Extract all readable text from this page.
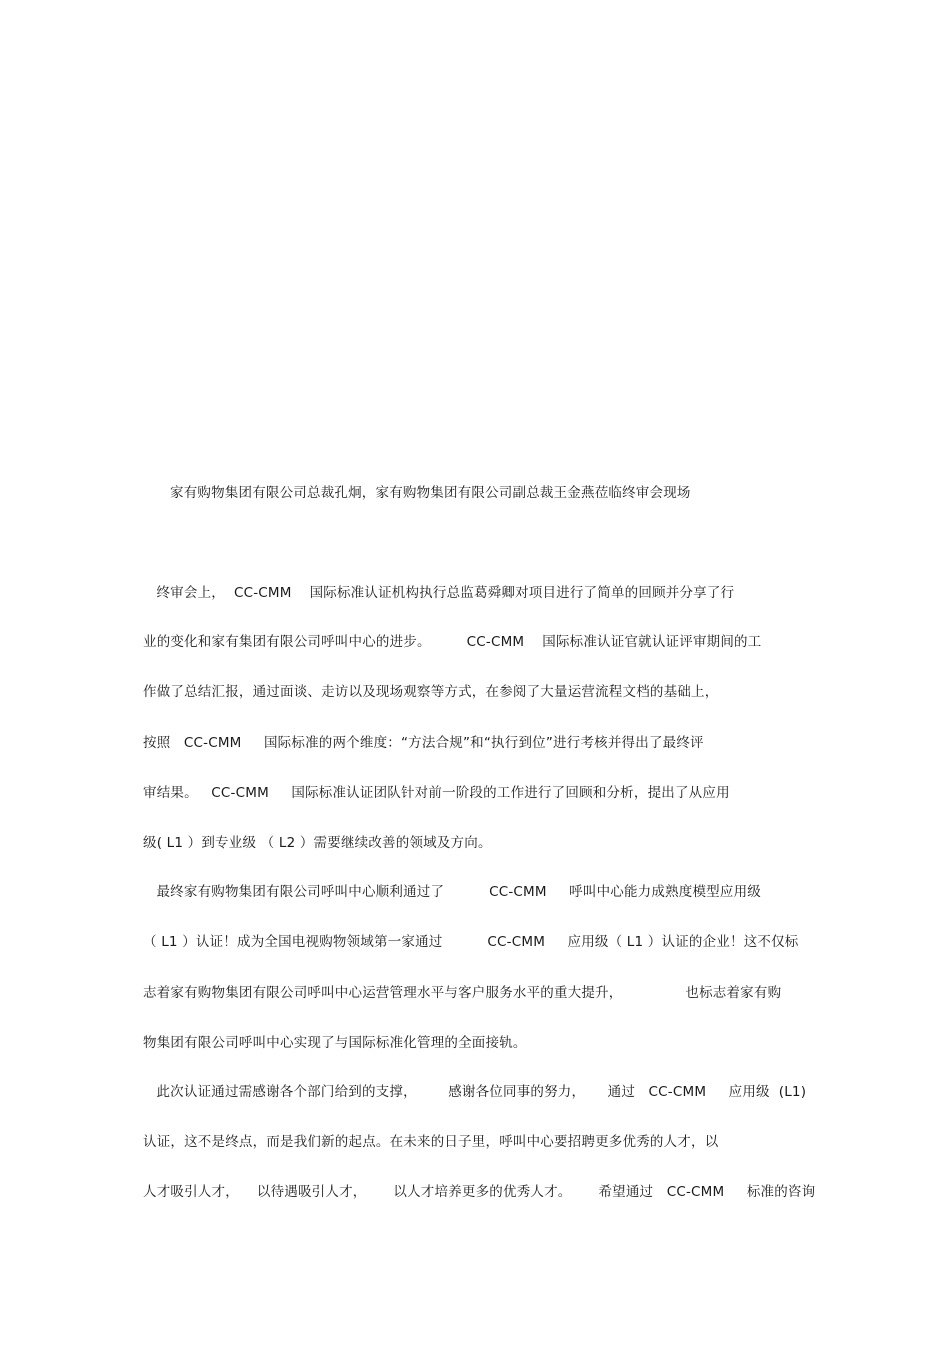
家有购物集团有限公司总裁孔炯，家有购物集团有限公司副总裁王金燕莅临终审会现场
终审会上，  CC-CMM    国际标准认证机构执行总监葛舜卿对项目进行了简单的回顾并分享了行
业的变化和家有集团有限公司呼叫中心的进步。        CC-CMM    国际标准认证官就认证评审期间的工
作做了总结汇报，通过面谈、走访以及现场观察等方式，在参阅了大量运营流程文档的基础上，
按照   CC-CMM     国际标准的两个维度：“方法合规”和“执行到位”进行考核并得出了最终评
审结果。   CC-CMM     国际标准认证团队针对前一阶段的工作进行了回顾和分析，提出了从应用
级( L1 ）到专业级 （ L2 ）需要继续改善的领域及方向。
最终家有购物集团有限公司呼叫中心顺利通过了          CC-CMM     呼叫中心能力成熟度模型应用级
（ L1 ）认证！成为全国电视购物领域第一家通过          CC-CMM     应用级（ L1 ）认证的企业！这不仅标
志着家有购物集团有限公司呼叫中心运营管理水平与客户服务水平的重大提升，              也标志着家有购
物集团有限公司呼叫中心实现了与国际标准化管理的全面接轨。
此次认证通过需感谢各个部门给到的支撑，       感谢各位同事的努力，     通过   CC-CMM     应用级  (L1)
认证，这不是终点，而是我们新的起点。在未来的日子里，呼叫中心要招聘更多优秀的人才，以
人才吸引人才，    以待遇吸引人才，      以人才培养更多的优秀人才。      希望通过   CC-CMM     标准的咨询
